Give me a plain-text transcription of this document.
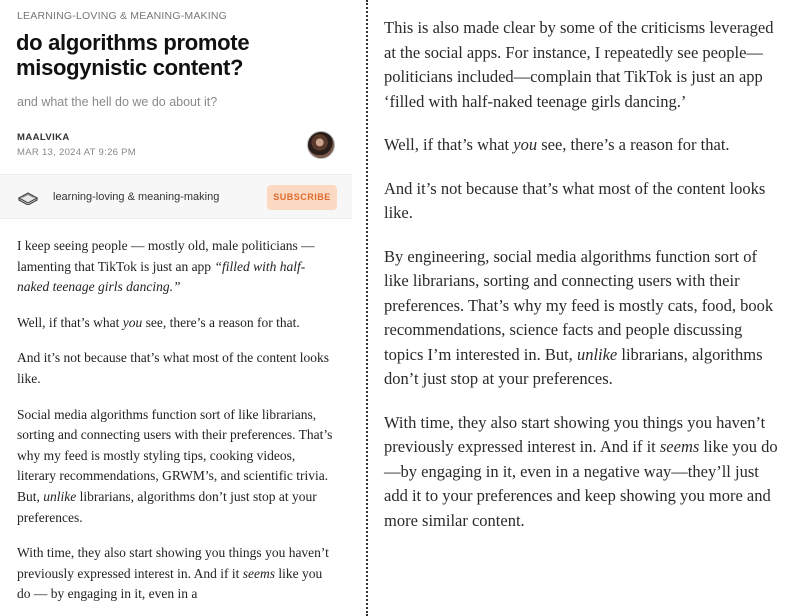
LEARNING-LOVING & MEANING-MAKING
do algorithms promote misogynistic content?
and what the hell do we do about it?
MAALVIKA
MAR 13, 2024 AT 9:26 PM
learning-loving & meaning-making	SUBSCRIBE

I keep seeing people — mostly old, male politicians — lamenting that TikTok is just an app “filled with half-naked teenage girls dancing.”

Well, if that’s what you see, there’s a reason for that.

And it’s not because that’s what most of the content looks like.

Social media algorithms function sort of like librarians, sorting and connecting users with their preferences. That’s why my feed is mostly styling tips, cooking videos, literary recommendations, GRWM’s, and scientific trivia. But, unlike librarians, algorithms don’t just stop at your preferences.

With time, they also start showing you things you haven’t previously expressed interest in. And if it seems like you do — by engaging in it, even in a

This is also made clear by some of the criticisms leveraged at the social apps. For instance, I repeatedly see people—politicians included—complain that TikTok is just an app ‘filled with half-naked teenage girls dancing.’

Well, if that’s what you see, there’s a reason for that.

And it’s not because that’s what most of the content looks like.

By engineering, social media algorithms function sort of like librarians, sorting and connecting users with their preferences. That’s why my feed is mostly cats, food, book recommendations, science facts and people discussing topics I’m interested in. But, unlike librarians, algorithms don’t just stop at your preferences.

With time, they also start showing you things you haven’t previously expressed interest in. And if it seems like you do—by engaging in it, even in a negative way—they’ll just add it to your preferences and keep showing you more and more similar content.
